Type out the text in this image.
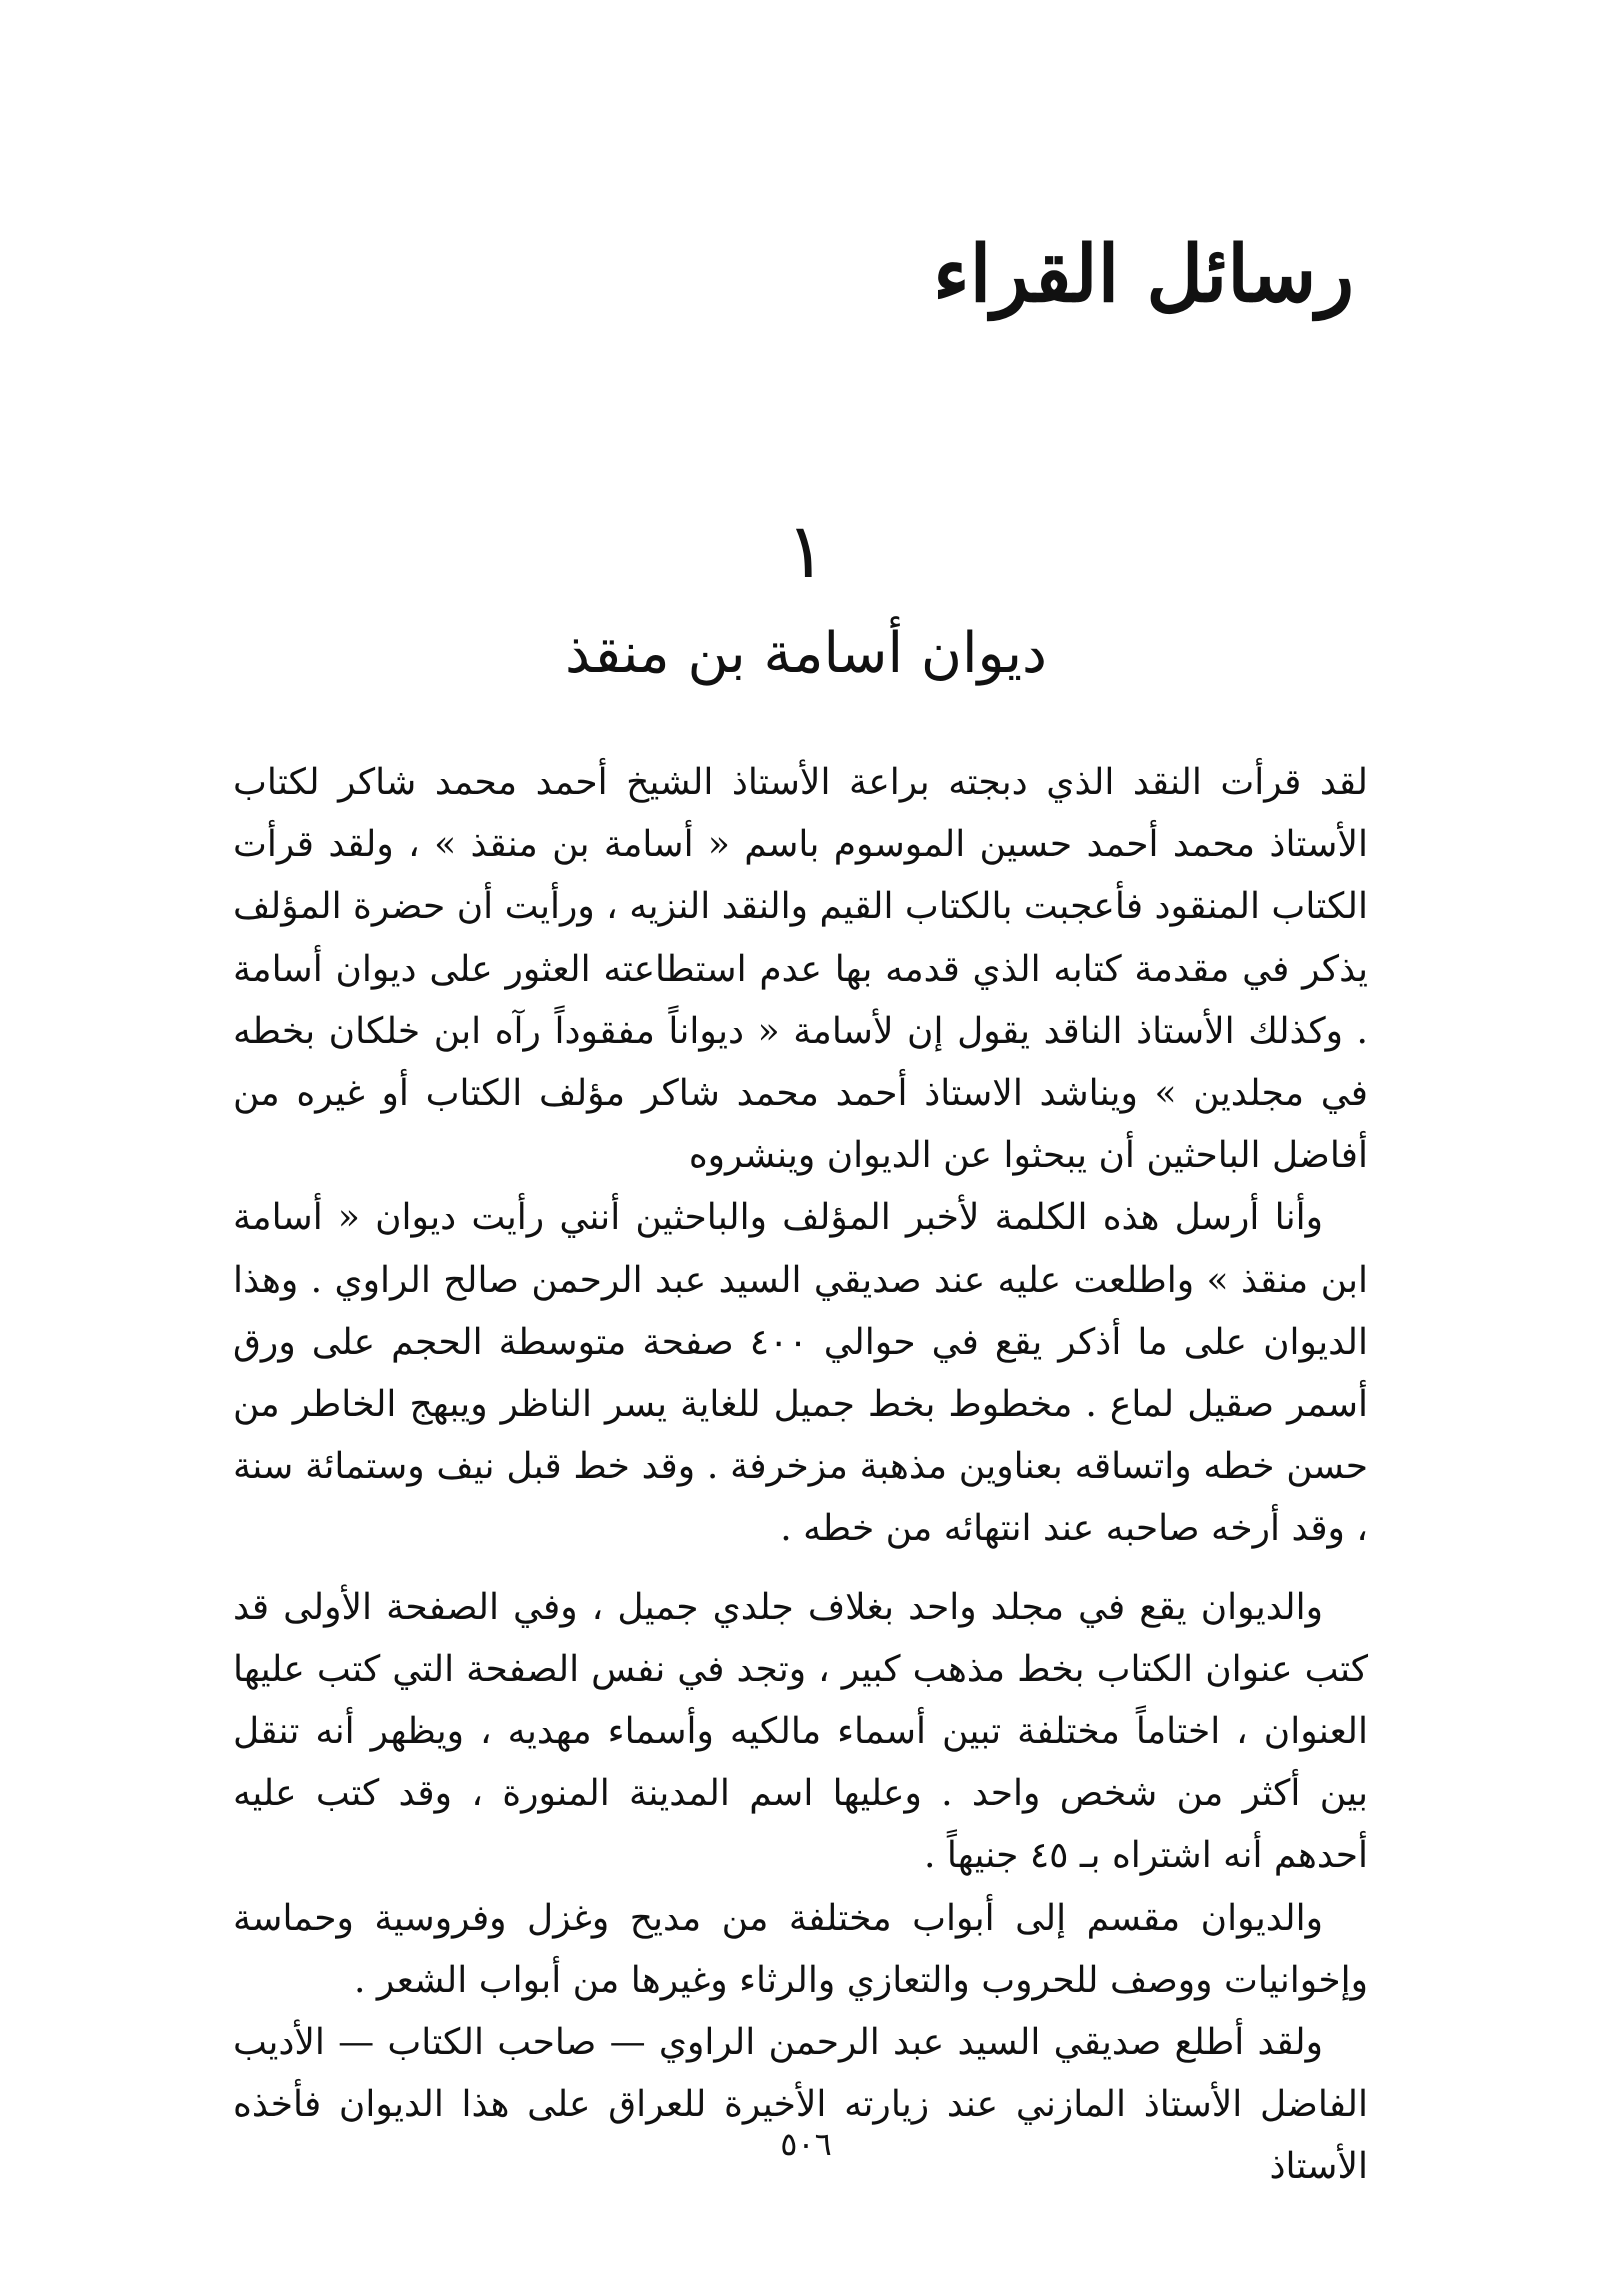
رسائل القراء
١
ديوان أسامة بن منقذ

لقد قرأت النقد الذي دبجته براعة الأستاذ الشيخ أحمد محمد شاكر لكتاب الأستاذ محمد أحمد حسين الموسوم باسم « أسامة بن منقذ » ، ولقد قرأت الكتاب المنقود فأعجبت بالكتاب القيم والنقد النزيه ، ورأيت أن حضرة المؤلف يذكر في مقدمة كتابه الذي قدمه بها عدم استطاعته العثور على ديوان أسامة . وكذلك الأستاذ الناقد يقول إن لأسامة « ديواناً مفقوداً رآه ابن خلكان بخطه في مجلدين » ويناشد الاستاذ أحمد محمد شاكر مؤلف الكتاب أو غيره من أفاضل الباحثين أن يبحثوا عن الديوان وينشروه

وأنا أرسل هذه الكلمة لأخبر المؤلف والباحثين أنني رأيت ديوان « أسامة ابن منقذ » واطلعت عليه عند صديقي السيد عبد الرحمن صالح الراوي . وهذا الديوان على ما أذكر يقع في حوالي ٤٠٠ صفحة متوسطة الحجم على ورق أسمر صقيل لماع . مخطوط بخط جميل للغاية يسر الناظر ويبهج الخاطر من حسن خطه واتساقه بعناوين مذهبة مزخرفة . وقد خط قبل نيف وستمائة سنة ، وقد أرخه صاحبه عند انتهائه من خطه .

والديوان يقع في مجلد واحد بغلاف جلدي جميل ، وفي الصفحة الأولى قد كتب عنوان الكتاب بخط مذهب كبير ، وتجد في نفس الصفحة التي كتب عليها العنوان ، اختاماً مختلفة تبين أسماء مالكيه وأسماء مهديه ، ويظهر أنه تنقل بين أكثر من شخص واحد . وعليها اسم المدينة المنورة ، وقد كتب عليه أحدهم أنه اشتراه بـ ٤٥ جنيهاً .

والديوان مقسم إلى أبواب مختلفة من مديح وغزل وفروسية وحماسة وإخوانيات ووصف للحروب والتعازي والرثاء وغيرها من أبواب الشعر .

ولقد أطلع صديقي السيد عبد الرحمن الراوي — صاحب الكتاب — الأديب الفاضل الأستاذ المازني عند زيارته الأخيرة للعراق على هذا الديوان فأخذه الأستاذ

٥٠٦
